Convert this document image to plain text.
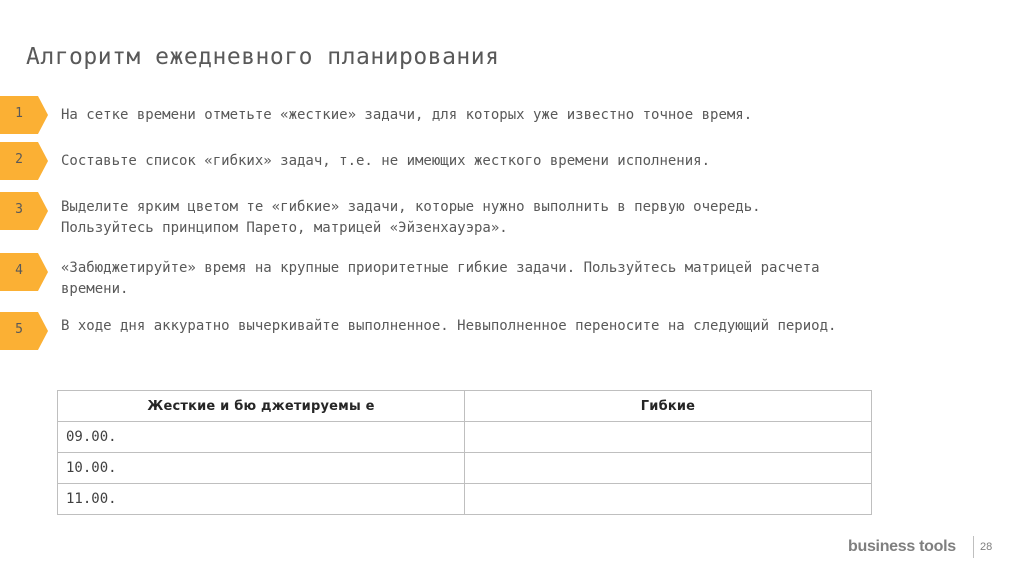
Алгоритм ежедневного планирования
1	На сетке времени отметьте «жесткие» задачи, для которых уже известно точное время.
2	Составьте список «гибких» задач, т.е. не имеющих жесткого времени исполнения.
3	Выделите ярким цветом те «гибкие» задачи, которые нужно выполнить в первую очередь. Пользуйтесь принципом Парето, матрицей «Эйзенхауэра».
4	«Забюджетируйте» время на крупные приоритетные гибкие задачи. Пользуйтесь матрицей расчета времени.
5	В ходе дня аккуратно вычеркивайте выполненное. Невыполненное переносите на следующий период.
Жесткие и бю джетируемы е	Гибкие
09.00.	
10.00.	
11.00.	
business tools 28
